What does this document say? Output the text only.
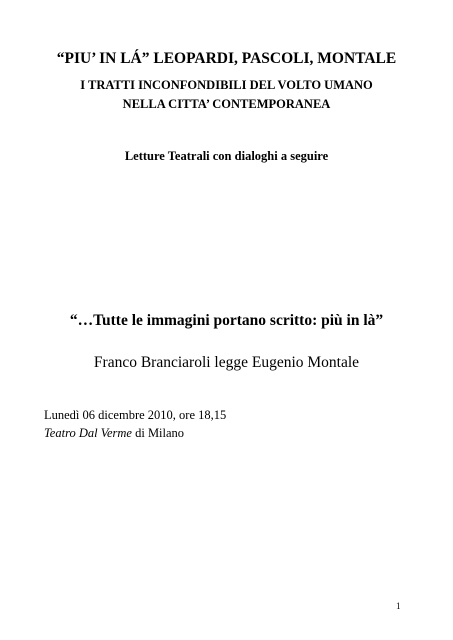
“PIU’ IN LÁ” LEOPARDI, PASCOLI, MONTALE
I TRATTI INCONFONDIBILI DEL VOLTO UMANO
NELLA CITTA’ CONTEMPORANEA
Letture Teatrali con dialoghi a seguire
“…Tutte le immagini portano scritto: più in là”
Franco Branciaroli legge Eugenio Montale
Lunedì 06 dicembre 2010, ore 18,15
Teatro Dal Verme di Milano
1
